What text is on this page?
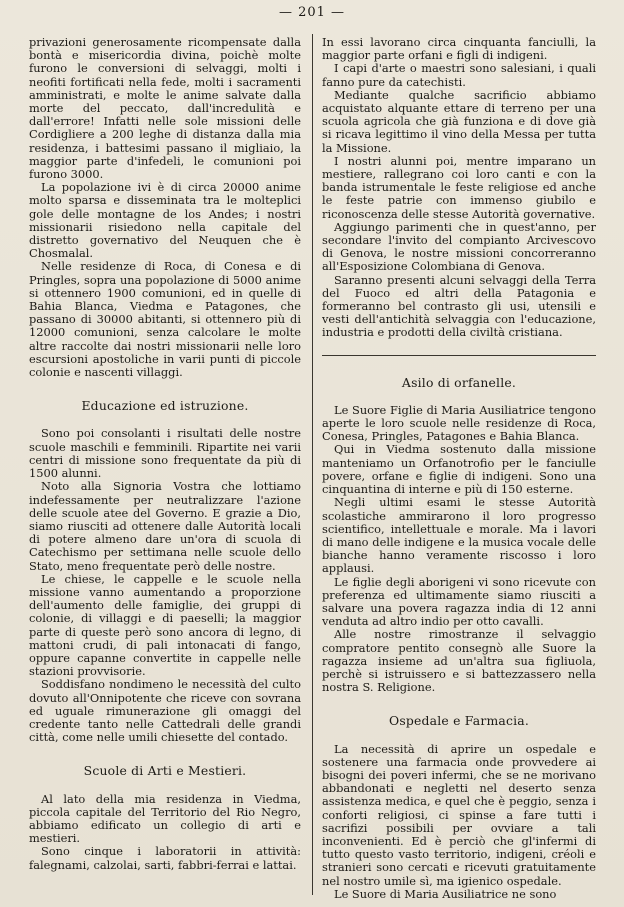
— 201 —

privazioni generosamente ricompensate dalla bontà e misericordia divina, poichè molte furono le conversioni di selvaggi, molti i neofiti fortificati nella fede, molti i sacramenti amministrati, e molte le anime salvate dalla morte del peccato, dall'incredulità e dall'errore! Infatti nelle sole missioni delle Cordigliere a 200 leghe di distanza dalla mia residenza, i battesimi passano il migliaio, la maggior parte d'infedeli, le comunioni poi furono 3000.

La popolazione ivi è di circa 20000 anime molto sparsa e disseminata tra le molteplici gole delle montagne de los Andes; i nostri missionarii risiedono nella capitale del distretto governativo del Neuquen che è Chosmalal.

Nelle residenze di Roca, di Conesa e di Pringles, sopra una popolazione di 5000 anime si ottennero 1900 comunioni, ed in quelle di Bahia Blanca, Viedma e Patagones, che passano di 30000 abitanti, si ottennero più di 12000 comunioni, senza calcolare le molte altre raccolte dai nostri missionarii nelle loro escursioni apostoliche in varii punti di piccole colonie e nascenti villaggi.

Educazione ed istruzione.

Sono poi consolanti i risultati delle nostre scuole maschili e femminili. Ripartite nei varii centri di missione sono frequentate da più di 1500 alunni.

Noto alla Signoria Vostra che lottiamo indefessamente per neutralizzare l'azione delle scuole atee del Governo. E grazie a Dio, siamo riusciti ad ottenere dalle Autorità locali di potere almeno dare un'ora di scuola di Catechismo per settimana nelle scuole dello Stato, meno frequentate però delle nostre.

Le chiese, le cappelle e le scuole nella missione vanno aumentando a proporzione dell'aumento delle famiglie, dei gruppi di colonie, di villaggi e di paeselli; la maggior parte di queste però sono ancora di legno, di mattoni crudi, di pali intonacati di fango, oppure capanne convertite in cappelle nelle stazioni provvisorie.

Soddisfano nondimeno le necessità del culto dovuto all'Onnipotente che riceve con sovrana ed uguale rimunerazione gli omaggi del credente tanto nelle Cattedrali delle grandi città, come nelle umili chiesette del contado.

Scuole di Arti e Mestieri.

Al lato della mia residenza in Viedma, piccola capitale del Territorio del Rio Negro, abbiamo edificato un collegio di arti e mestieri.

Sono cinque i laboratorii in attività: falegnami, calzolai, sarti, fabbri-ferrai e lattai.

In essi lavorano circa cinquanta fanciulli, la maggior parte orfani e figli di indigeni.

I capi d'arte o maestri sono salesiani, i quali fanno pure da catechisti.

Mediante qualche sacrificio abbiamo acquistato alquante ettare di terreno per una scuola agricola che già funziona e di dove già si ricava legittimo il vino della Messa per tutta la Missione.

I nostri alunni poi, mentre imparano un mestiere, rallegrano coi loro canti e con la banda istrumentale le feste religiose ed anche le feste patrie con immenso giubilo e riconoscenza delle stesse Autorità governative.

Aggiungo parimenti che in quest'anno, per secondare l'invito del compianto Arcivescovo di Genova, le nostre missioni concorreranno all'Esposizione Colombiana di Genova.

Saranno presenti alcuni selvaggi della Terra del Fuoco ed altri della Patagonia e formeranno bel contrasto gli usi, utensili e vesti dell'antichità selvaggia con l'educazione, industria e prodotti della civiltà cristiana.

Asilo di orfanelle.

Le Suore Figlie di Maria Ausiliatrice tengono aperte le loro scuole nelle residenze di Roca, Conesa, Pringles, Patagones e Bahia Blanca.

Qui in Viedma sostenuto dalla missione manteniamo un Orfanotrofio per le fanciulle povere, orfane e figlie di indigeni. Sono una cinquantina di interne e più di 150 esterne.

Negli ultimi esami le stesse Autorità scolastiche ammirarono il loro progresso scientifico, intellettuale e morale. Ma i lavori di mano delle indigene e la musica vocale delle bianche hanno veramente riscosso i loro applausi.

Le figlie degli aborigeni vi sono ricevute con preferenza ed ultimamente siamo riusciti a salvare una povera ragazza india di 12 anni venduta ad altro indio per otto cavalli.

Alle nostre rimostranze il selvaggio compratore pentito consegnò alle Suore la ragazza insieme ad un'altra sua figliuola, perchè si istruissero e si battezzassero nella nostra S. Religione.

Ospedale e Farmacia.

La necessità di aprire un ospedale e sostenere una farmacia onde provvedere ai bisogni dei poveri infermi, che se ne morivano abbandonati e negletti nel deserto senza assistenza medica, e quel che è peggio, senza i conforti religiosi, ci spinse a fare tutti i sacrifizi possibili per ovviare a tali inconvenienti. Ed è perciò che gl'infermi di tutto questo vasto territorio, indigeni, créoli e stranieri sono cercati e ricevuti gratuitamente nel nostro umile sì, ma igienico ospedale.

Le Suore di Maria Ausiliatrice ne sono
